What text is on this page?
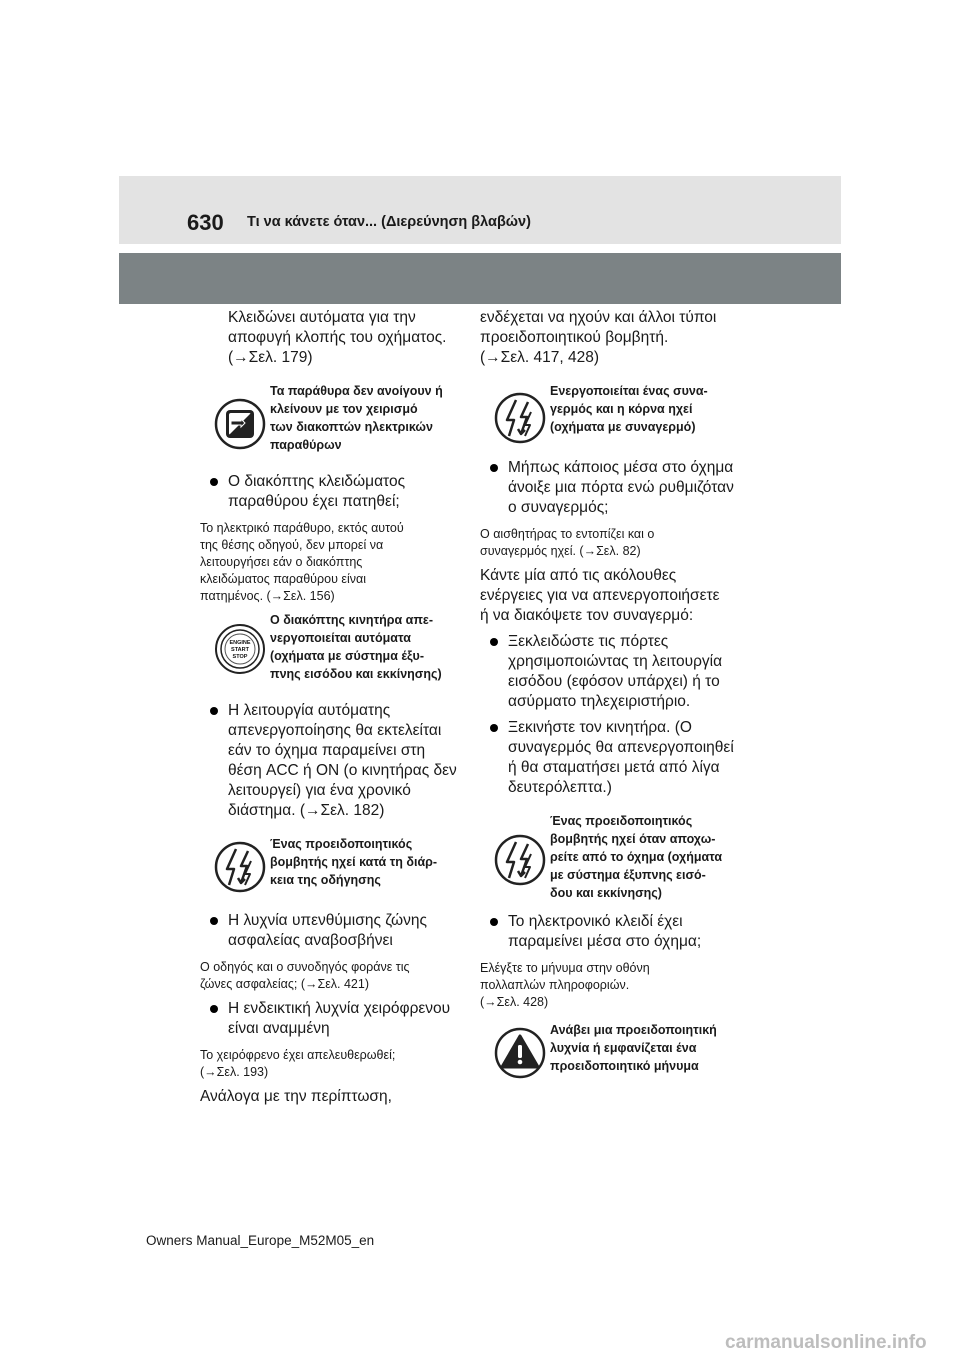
630 Τι να κάνετε όταν... (Διερεύνηση βλαβών)

Κλειδώνει αυτόματα για την
αποφυγή κλοπής του οχήματος.
(→Σελ. 179)

Τα παράθυρα δεν ανοίγουν ή
κλείνουν με τον χειρισμό
των διακοπτών ηλεκτρικών
παραθύρων

Ο διακόπτης κλειδώματος
παραθύρου έχει πατηθεί;

Το ηλεκτρικό παράθυρο, εκτός αυτού
της θέσης οδηγού, δεν μπορεί να
λειτουργήσει εάν ο διακόπτης
κλειδώματος παραθύρου είναι
πατημένος. (→Σελ. 156)

ENGINE
START
STOP
Ο διακόπτης κινητήρα απε-
νεργοποιείται αυτόματα
(οχήματα με σύστημα έξυ-
πνης εισόδου και εκκίνησης)

Η λειτουργία αυτόματης
απενεργοποίησης θα εκτελείται
εάν το όχημα παραμείνει στη
θέση ACC ή ON (ο κινητήρας δεν
λειτουργεί) για ένα χρονικό
διάστημα. (→Σελ. 182)

Ένας προειδοποιητικός
βομβητής ηχεί κατά τη διάρ-
κεια της οδήγησης

Η λυχνία υπενθύμισης ζώνης
ασφαλείας αναβοσβήνει

Ο οδηγός και ο συνοδηγός φοράνε τις
ζώνες ασφαλείας; (→Σελ. 421)

Η ενδεικτική λυχνία χειρόφρενου
είναι αναμμένη

Το χειρόφρενο έχει απελευθερωθεί;
(→Σελ. 193)

Ανάλογα με την περίπτωση,

ενδέχεται να ηχούν και άλλοι τύποι
προειδοποιητικού βομβητή.
(→Σελ. 417, 428)

Ενεργοποιείται ένας συνα-
γερμός και η κόρνα ηχεί
(οχήματα με συναγερμό)

Μήπως κάποιος μέσα στο όχημα
άνοιξε μια πόρτα ενώ ρυθμιζόταν
ο συναγερμός;

Ο αισθητήρας το εντοπίζει και ο
συναγερμός ηχεί. (→Σελ. 82)

Κάντε μία από τις ακόλουθες
ενέργειες για να απενεργοποιήσετε
ή να διακόψετε τον συναγερμό:

Ξεκλειδώστε τις πόρτες
χρησιμοποιώντας τη λειτουργία
εισόδου (εφόσον υπάρχει) ή το
ασύρματο τηλεχειριστήριο.

Ξεκινήστε τον κινητήρα. (Ο
συναγερμός θα απενεργοποιηθεί
ή θα σταματήσει μετά από λίγα
δευτερόλεπτα.)

Ένας προειδοποιητικός
βομβητής ηχεί όταν αποχω-
ρείτε από το όχημα (οχήματα
με σύστημα έξυπνης εισό-
δου και εκκίνησης)

Το ηλεκτρονικό κλειδί έχει
παραμείνει μέσα στο όχημα;

Ελέγξτε το μήνυμα στην οθόνη
πολλαπλών πληροφοριών.
(→Σελ. 428)

Ανάβει μια προειδοποιητική
λυχνία ή εμφανίζεται ένα
προειδοποιητικό μήνυμα
Owners Manual_Europe_M52M05_en
carmanualsonline.info
